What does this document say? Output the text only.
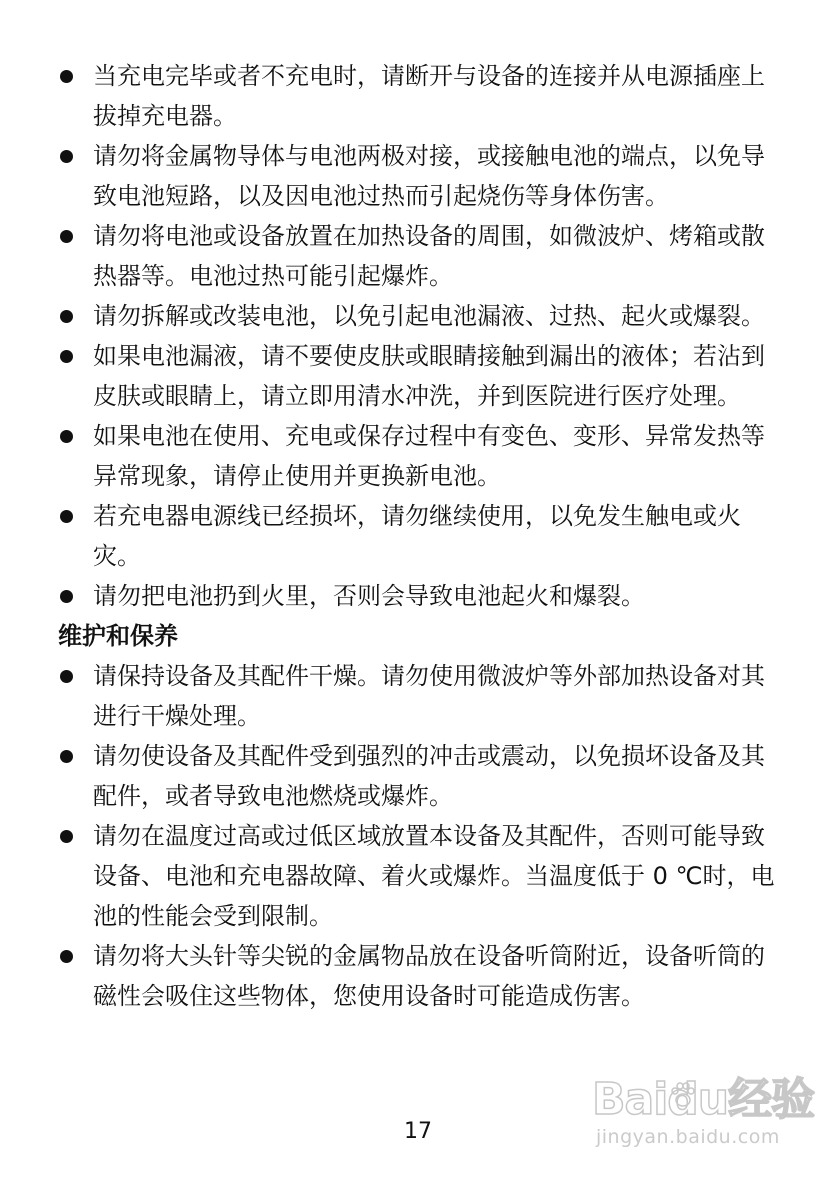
当充电完毕或者不充电时，请断开与设备的连接并从电源插座上拔掉充电器。
请勿将金属物导体与电池两极对接，或接触电池的端点，以免导致电池短路，以及因电池过热而引起烧伤等身体伤害。
请勿将电池或设备放置在加热设备的周围，如微波炉、烤箱或散热器等。电池过热可能引起爆炸。
请勿拆解或改装电池，以免引起电池漏液、过热、起火或爆裂。
如果电池漏液，请不要使皮肤或眼睛接触到漏出的液体；若沾到皮肤或眼睛上，请立即用清水冲洗，并到医院进行医疗处理。
如果电池在使用、充电或保存过程中有变色、变形、异常发热等异常现象，请停止使用并更换新电池。
若充电器电源线已经损坏，请勿继续使用，以免发生触电或火灾。
请勿把电池扔到火里，否则会导致电池起火和爆裂。
维护和保养
请保持设备及其配件干燥。请勿使用微波炉等外部加热设备对其进行干燥处理。
请勿使设备及其配件受到强烈的冲击或震动，以免损坏设备及其配件，或者导致电池燃烧或爆炸。
请勿在温度过高或过低区域放置本设备及其配件，否则可能导致设备、电池和充电器故障、着火或爆炸。当温度低于 0 ℃时，电池的性能会受到限制。
请勿将大头针等尖锐的金属物品放在设备听筒附近，设备听筒的磁性会吸住这些物体，您使用设备时可能造成伤害。
17
Baidu经验
jingyan.baidu.com
